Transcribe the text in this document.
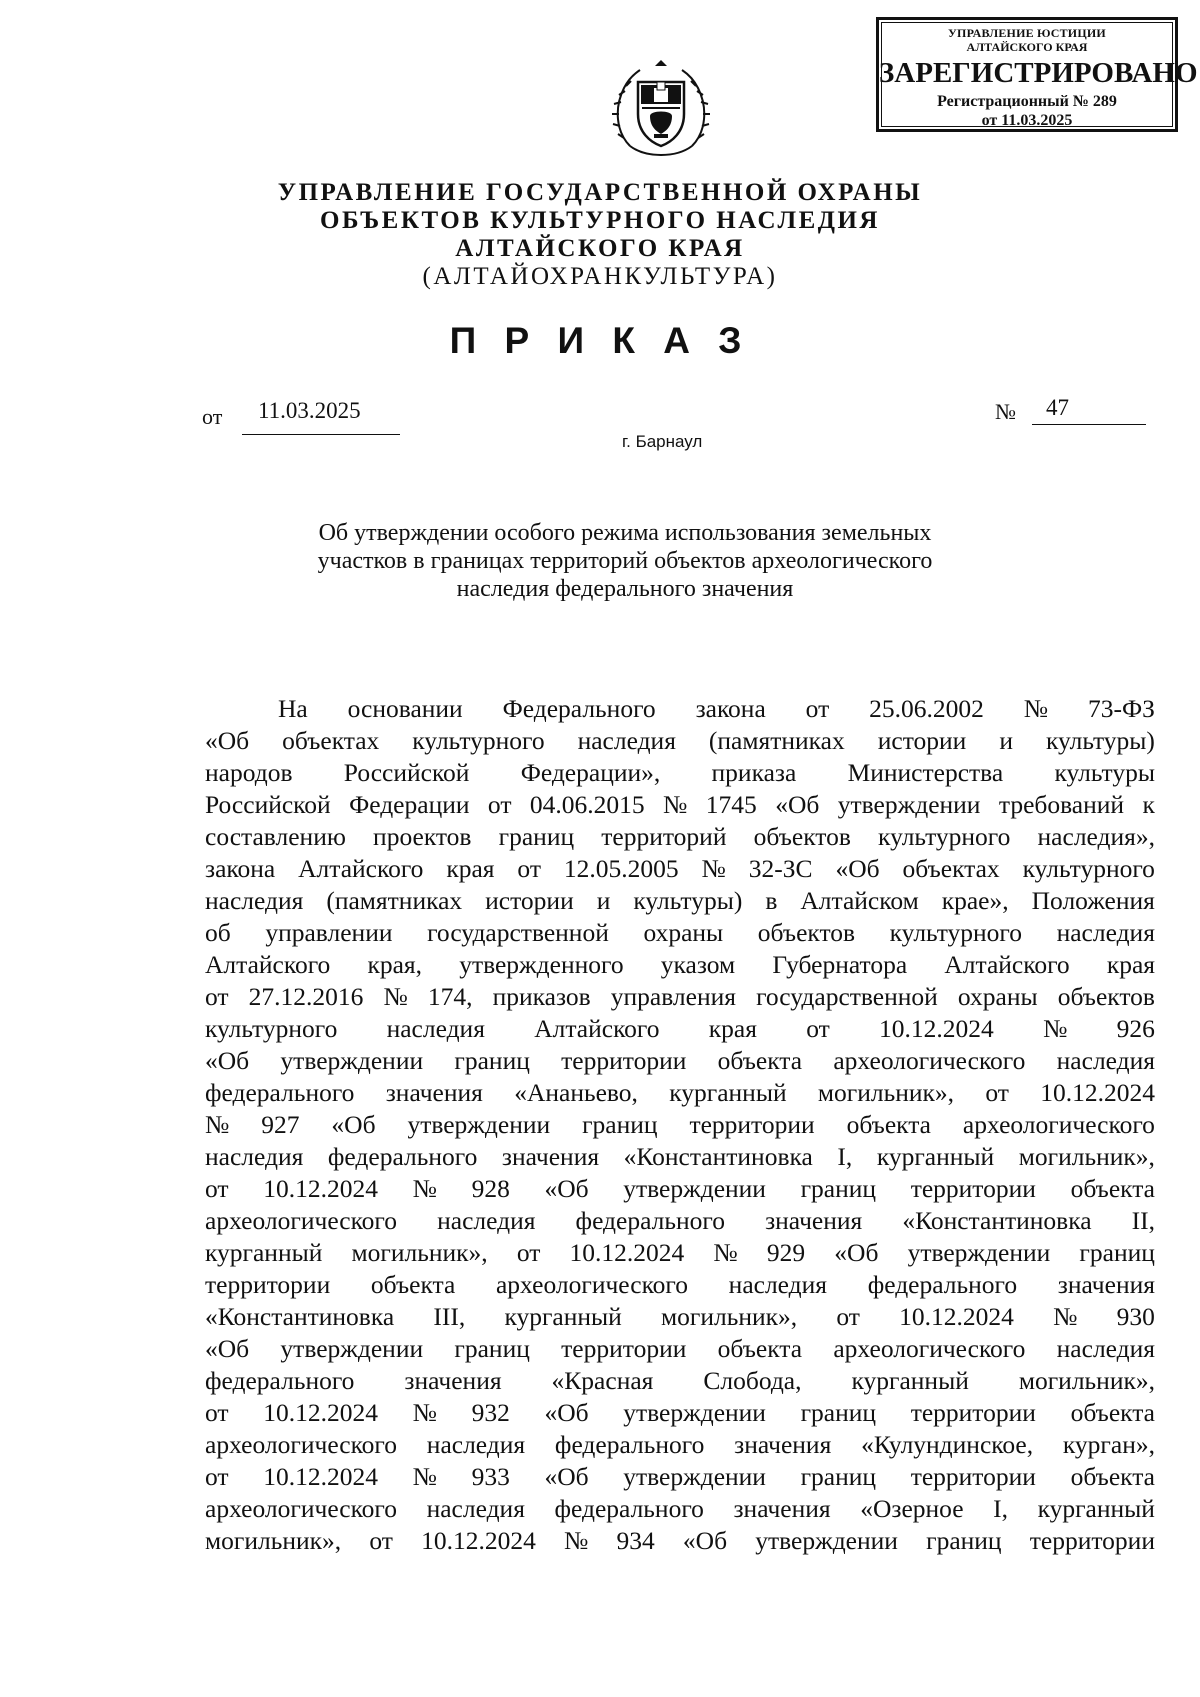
УПРАВЛЕНИЕ ЮСТИЦИИ
АЛТАЙСКОГО КРАЯ
ЗАРЕГИСТРИРОВАНО
Регистрационный № 289
от 11.03.2025
УПРАВЛЕНИЕ ГОСУДАРСТВЕННОЙ ОХРАНЫ
ОБЪЕКТОВ КУЛЬТУРНОГО НАСЛЕДИЯ
АЛТАЙСКОГО КРАЯ
(АЛТАЙОХРАНКУЛЬТУРА)
П Р И К А З
от 11.03.2025	№ 47
г. Барнаул
Об утверждении особого режима использования земельных
участков в границах территорий объектов археологического
наследия федерального значения
На основании Федерального закона от 25.06.2002 № 73-ФЗ
«Об объектах культурного наследия (памятниках истории и культуры)
народов Российской Федерации», приказа Министерства культуры
Российской Федерации от 04.06.2015 № 1745 «Об утверждении требований к
составлению проектов границ территорий объектов культурного наследия»,
закона Алтайского края от 12.05.2005 № 32-ЗС «Об объектах культурного
наследия (памятниках истории и культуры) в Алтайском крае», Положения
об управлении государственной охраны объектов культурного наследия
Алтайского края, утвержденного указом Губернатора Алтайского края
от 27.12.2016 № 174, приказов управления государственной охраны объектов
культурного наследия Алтайского края от 10.12.2024 № 926
«Об утверждении границ территории объекта археологического наследия
федерального значения «Ананьево, курганный могильник», от 10.12.2024
№ 927 «Об утверждении границ территории объекта археологического
наследия федерального значения «Константиновка I, курганный могильник»,
от 10.12.2024 № 928 «Об утверждении границ территории объекта
археологического наследия федерального значения «Константиновка II,
курганный могильник», от 10.12.2024 № 929 «Об утверждении границ
территории объекта археологического наследия федерального значения
«Константиновка III, курганный могильник», от 10.12.2024 № 930
«Об утверждении границ территории объекта археологического наследия
федерального значения «Красная Слобода, курганный могильник»,
от 10.12.2024 № 932 «Об утверждении границ территории объекта
археологического наследия федерального значения «Кулундинское, курган»,
от 10.12.2024 № 933 «Об утверждении границ территории объекта
археологического наследия федерального значения «Озерное I, курганный
могильник», от 10.12.2024 № 934 «Об утверждении границ территории
